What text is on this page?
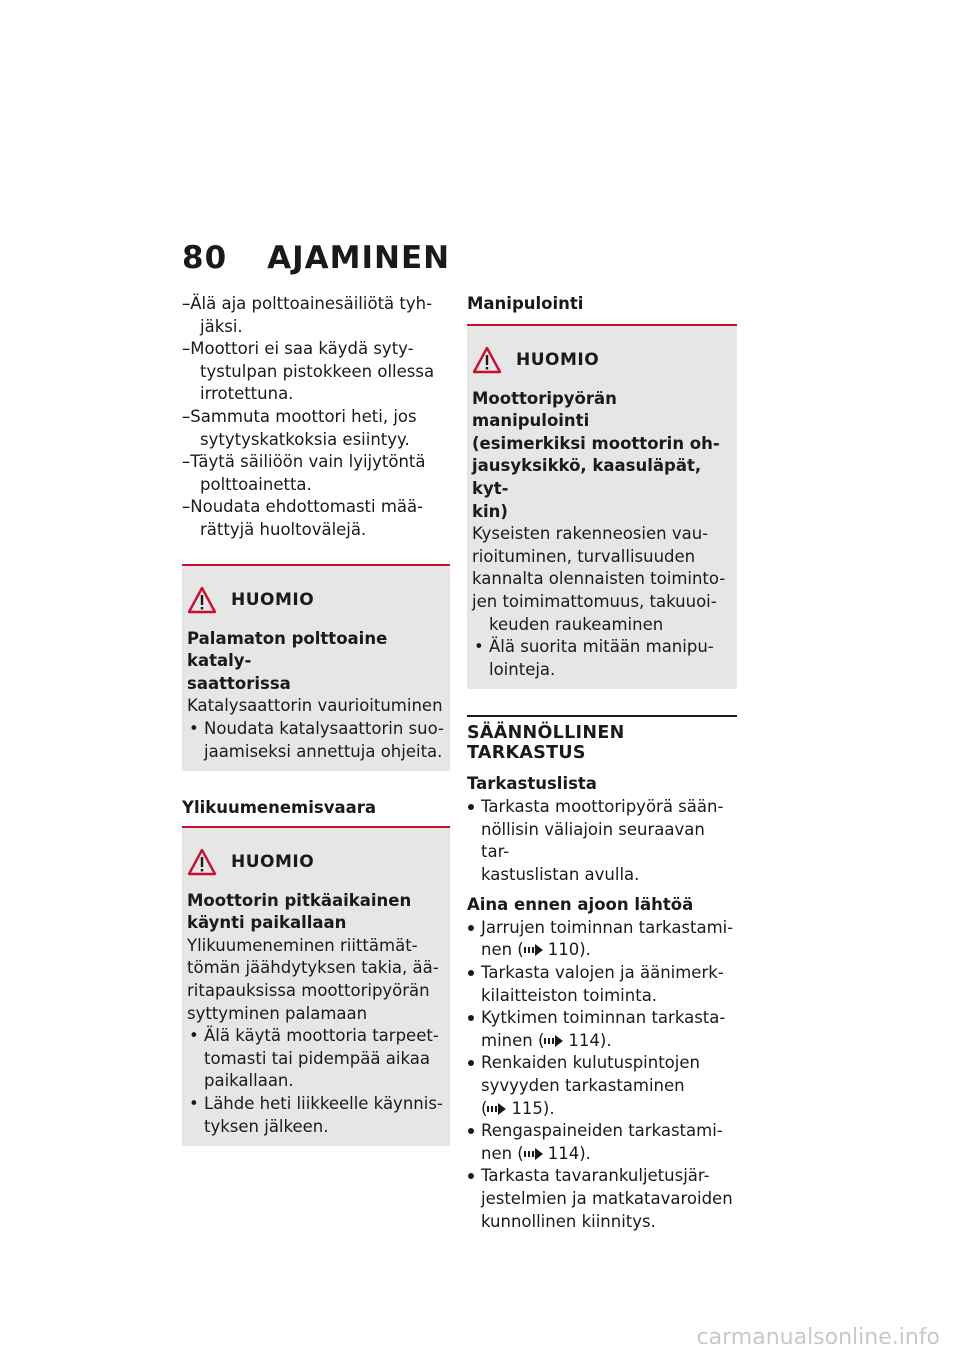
80 AJAMINEN
– –Älä aja polttoainesäiliötä tyh-
jäksi.
– –Moottori ei saa käydä syty-
tystulpan pistokkeen ollessa
irrotettuna.
– –Sammuta moottori heti, jos
sytytyskatkoksia esiintyy.
– –Täytä säiliöön vain lyijytöntä
polttoainetta.
– –Noudata ehdottomasti mää-
rättyjä huoltovälejä.
HUOMIO
Palamaton polttoaine kataly-
saattorissa
Katalysaattorin vaurioituminen
• Noudata katalysaattorin suo-
jaamiseksi annettuja ohjeita.
Ylikuumenemisvaara
HUOMIO
Moottorin pitkäaikainen
käynti paikallaan
Ylikuumeneminen riittämät-
tömän jäähdytyksen takia, ää-
ritapauksissa moottoripyörän
syttyminen palamaan
• Älä käytä moottoria tarpeet-
tomasti tai pidempää aikaa
paikallaan.
• Lähde heti liikkeelle käynnis-
tyksen jälkeen.
Manipulointi
HUOMIO
Moottoripyörän manipulointi
(esimerkiksi moottorin oh-
jausyksikkö, kaasuläpät, kyt-
kin)
Kyseisten rakenneosien vau-
rioituminen, turvallisuuden
kannalta olennaisten toiminto-
jen toimimattomuus, takuuoi-
keuden raukeaminen
• Älä suorita mitään manipu-
lointeja.
SÄÄNNÖLLINEN TARKASTUS
Tarkastuslista
Tarkasta moottoripyörä sään-
nöllisin väliajoin seuraavan tar-
kastuslistan avulla.
Aina ennen ajoon lähtöä
Jarrujen toiminnan tarkastami-
nen ( 110).
Tarkasta valojen ja äänimerk-
kilaitteiston toiminta.
Kytkimen toiminnan tarkasta-
minen ( 114).
Renkaiden kulutuspintojen
syvyyden tarkastaminen
( 115).
Rengaspaineiden tarkastami-
nen ( 114).
Tarkasta tavarankuljetusjär-
jestelmien ja matkatavaroiden
kunnollinen kiinnitys.
carmanualsonline.info
